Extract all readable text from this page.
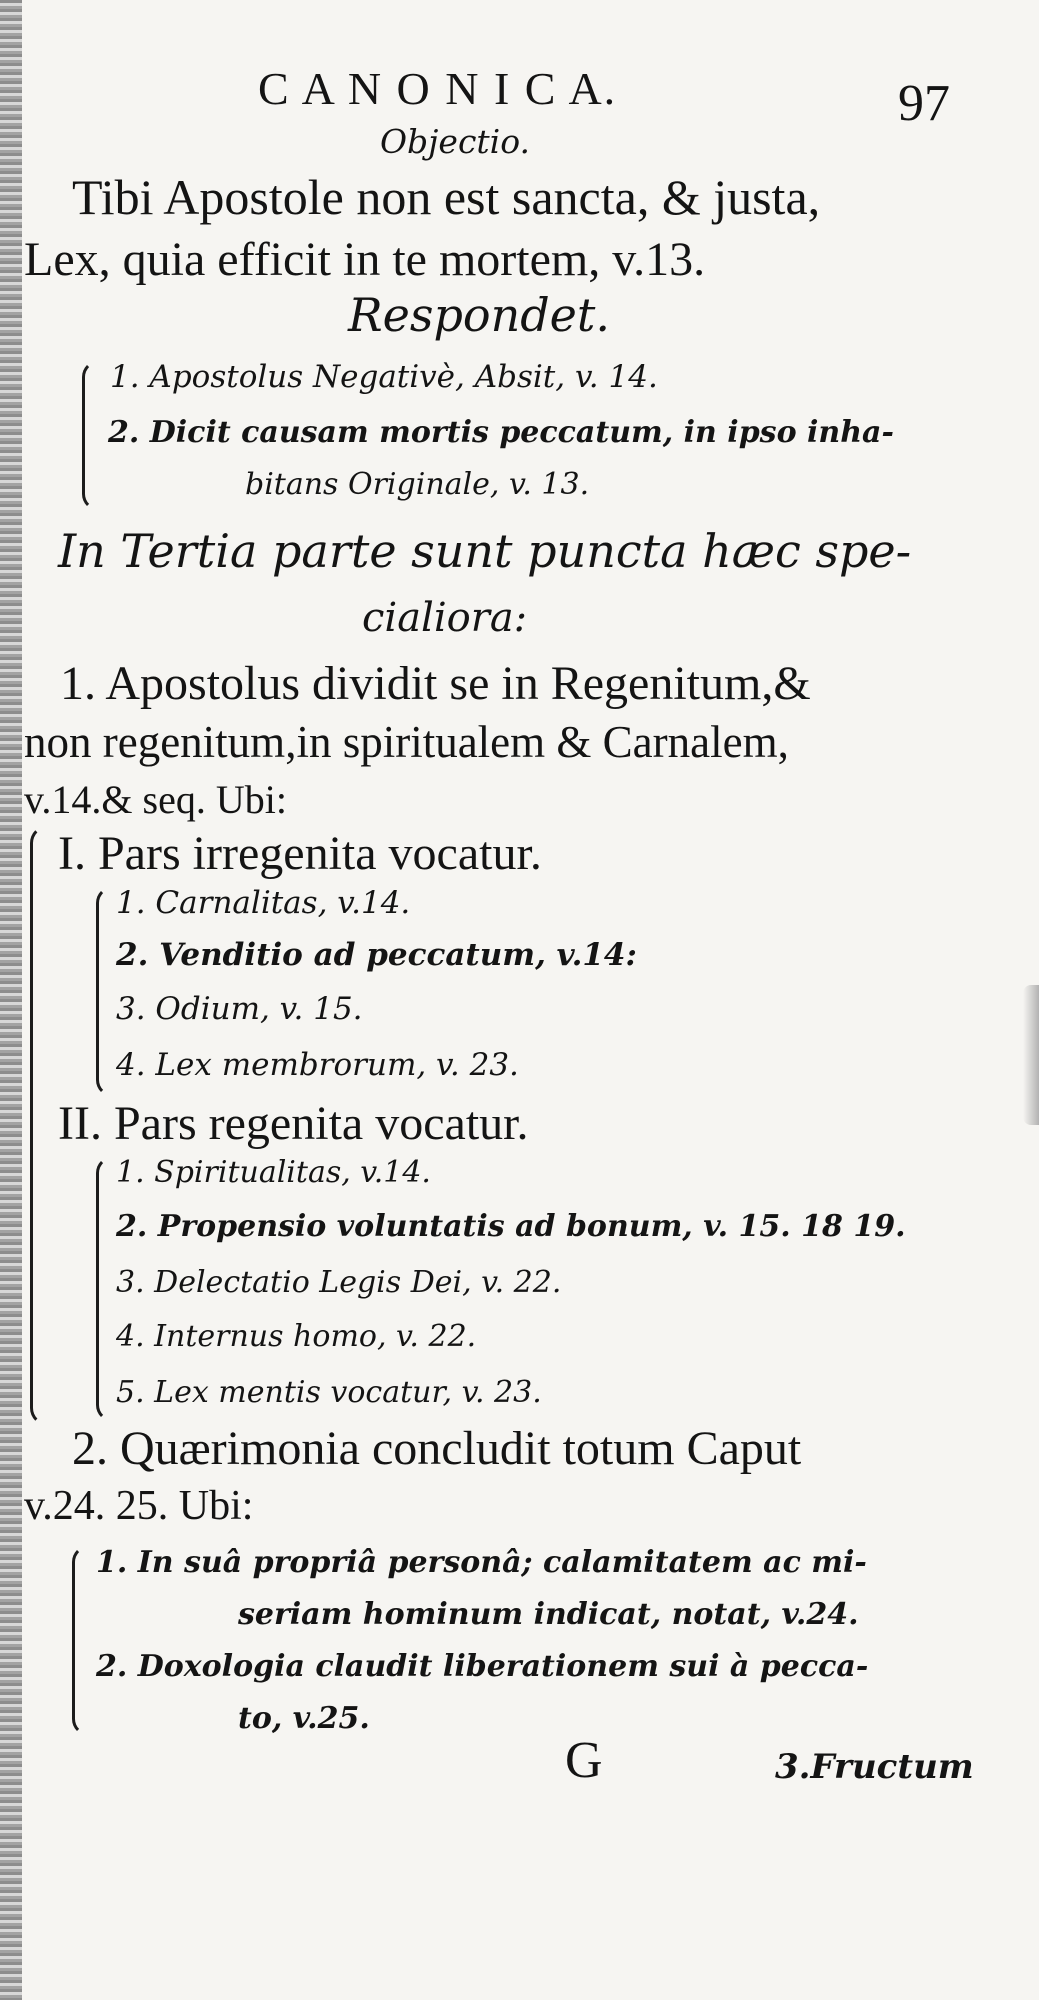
C A N O N I C A.	97
Objectio.
Tibi Apostole non est sancta, & justa,
Lex, quia efficit in te mortem, v.13.
Respondet.
1. Apostolus Negativè, Absit, v. 14.
2. Dicit causam mortis peccatum, in ipso inha-
bitans Originale, v. 13.
In Tertia parte sunt puncta hæc spe-
cialiora:
1. Apostolus dividit se in Regenitum,&
non regenitum,in spiritualem & Carnalem,
v.14.& seq. Ubi:
I. Pars irregenita vocatur.
1. Carnalitas, v.14.
2. Venditio ad peccatum, v.14:
3. Odium, v. 15.
4. Lex membrorum, v. 23.
II. Pars regenita vocatur.
1. Spiritualitas, v.14.
2. Propensio voluntatis ad bonum, v. 15. 18 19.
3. Delectatio Legis Dei, v. 22.
4. Internus homo, v. 22.
5. Lex mentis vocatur, v. 23.
2. Quærimonia concludit totum Caput
v.24. 25. Ubi:
1. In suâ propriâ personâ; calamitatem ac mi-
seriam hominum indicat, notat, v.24.
2. Doxologia claudit liberationem sui à pecca-
to, v.25.
G	3.Fructum
